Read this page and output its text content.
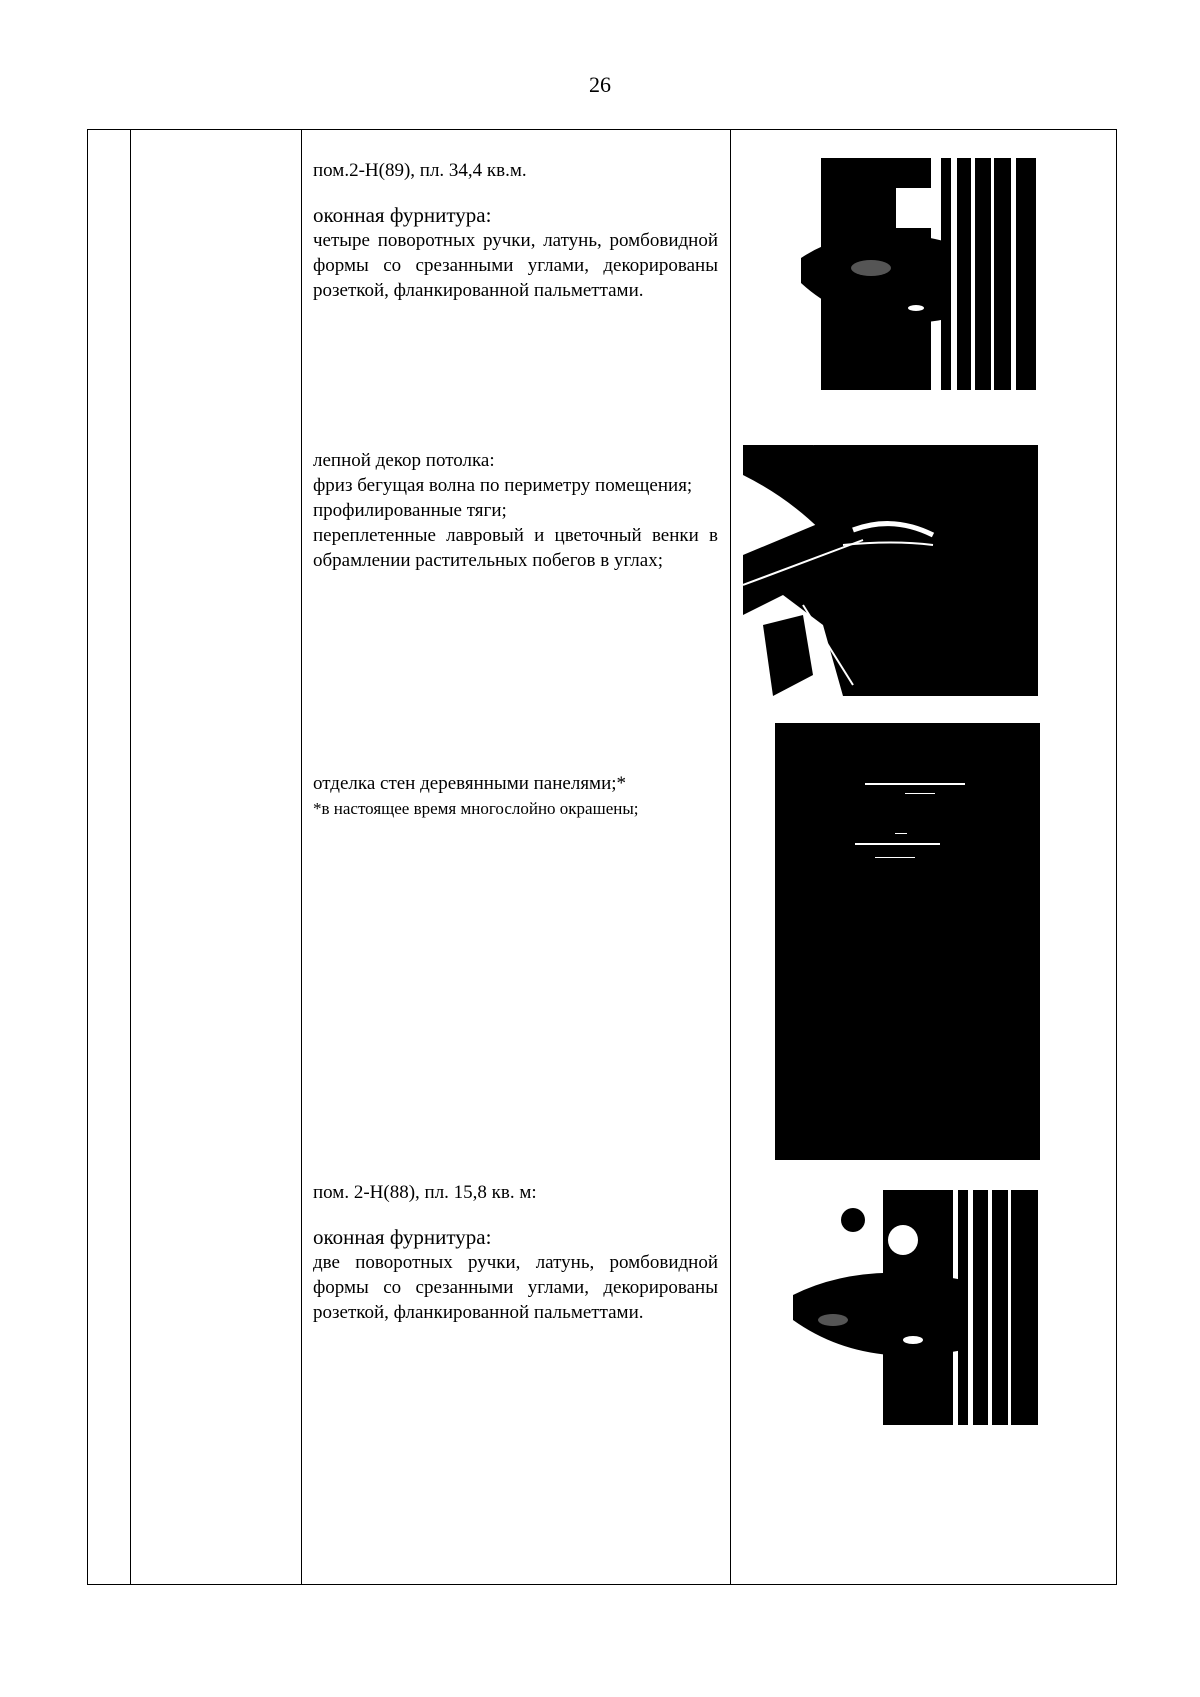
26

пом.2-Н(89), пл. 34,4 кв.м.

оконная фурнитура:

четыре поворотных ручки, латунь, ромбовидной формы со срезанными углами, декорированы розеткой, фланкированной пальметтами.

лепной декор потолка:

фриз бегущая волна по периметру помещения;

профилированные тяги;

переплетенные лавровый и цветочный венки в обрамлении растительных побегов в углах;

отделка стен деревянными панелями;*

*в настоящее время многослойно окрашены;

пом. 2-Н(88), пл. 15,8 кв. м:

оконная фурнитура:

две поворотных ручки, латунь, ромбовидной формы со срезанными углами, декорированы розеткой, фланкированной пальметтами.
